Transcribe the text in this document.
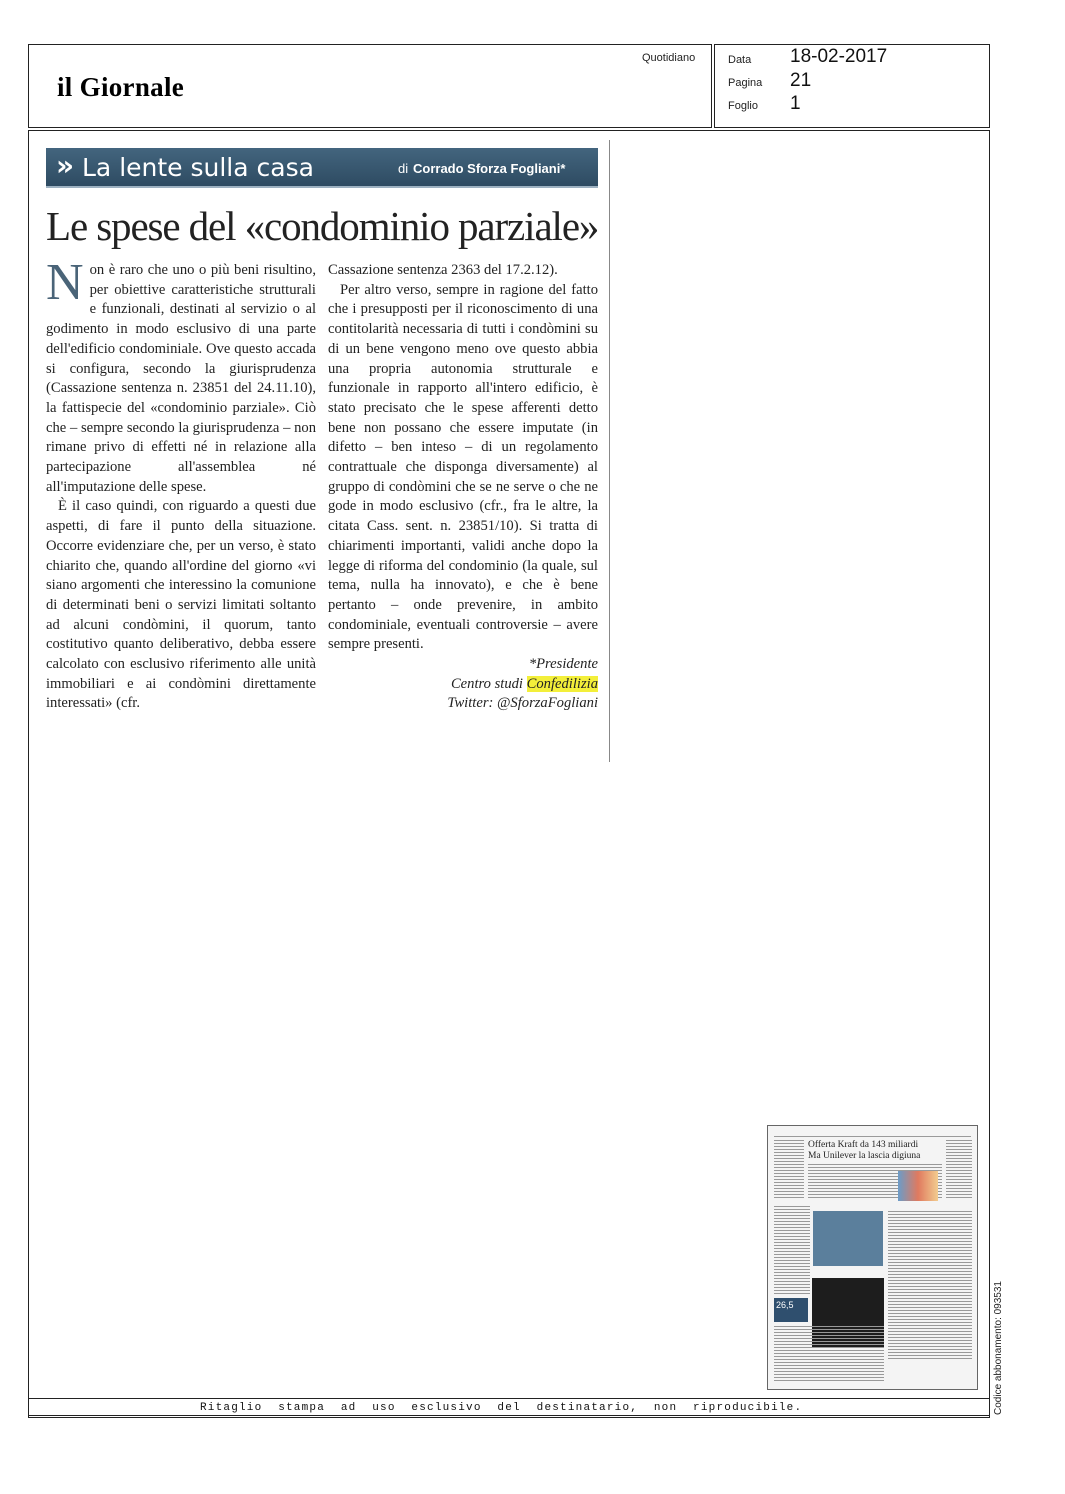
il Giornale
Quotidiano	Data 18-02-2017
Pagina 21
Foglio 1
» La lente sulla casa	di Corrado Sforza Fogliani*
Le spese del «condominio parziale»

Non è raro che uno o più beni risultino, per obiettive caratteristiche strutturali e funzionali, destinati al servizio o al godimento in modo esclusivo di una parte dell'edificio condominiale. Ove questo accada si configura, secondo la giurisprudenza (Cassazione sentenza n. 23851 del 24.11.10), la fattispecie del «condominio parziale». Ciò che – sempre secondo la giurisprudenza – non rimane privo di effetti né in relazione alla partecipazione all'assemblea né all'imputazione delle spese.

È il caso quindi, con riguardo a questi due aspetti, di fare il punto della situazione. Occorre evidenziare che, per un verso, è stato chiarito che, quando all'ordine del giorno «vi siano argomenti che interessino la comunione di determinati beni o servizi limitati soltanto ad alcuni condòmini, il quorum, tanto costitutivo quanto deliberativo, debba essere calcolato con esclusivo riferimento alle unità immobiliari e ai condòmini direttamente interessati» (cfr.

Cassazione sentenza 2363 del 17.2.12).

Per altro verso, sempre in ragione del fatto che i presupposti per il riconoscimento di una contitolarità necessaria di tutti i condòmini su di un bene vengono meno ove questo abbia una propria autonomia strutturale e funzionale in rapporto all'intero edificio, è stato precisato che le spese afferenti detto bene non possano che essere imputate (in difetto – ben inteso – di un regolamento contrattuale che disponga diversamente) al gruppo di condòmini che se ne serve o che ne gode in modo esclusivo (cfr., fra le altre, la citata Cass. sent. n. 23851/10). Si tratta di chiarimenti importanti, validi anche dopo la legge di riforma del condominio (la quale, sul tema, nulla ha innovato), e che è bene pertanto – onde prevenire, in ambito condominiale, eventuali controversie – avere sempre presenti.

*Presidente
Centro studi Confedilizia
Twitter: @SforzaFogliani
Offerta Kraft da 143 miliardi
Ma Unilever la lascia digiuna
26,5
Ritaglio stampa ad uso esclusivo del destinatario, non riproducibile.	Codice abbonamento: 093531
